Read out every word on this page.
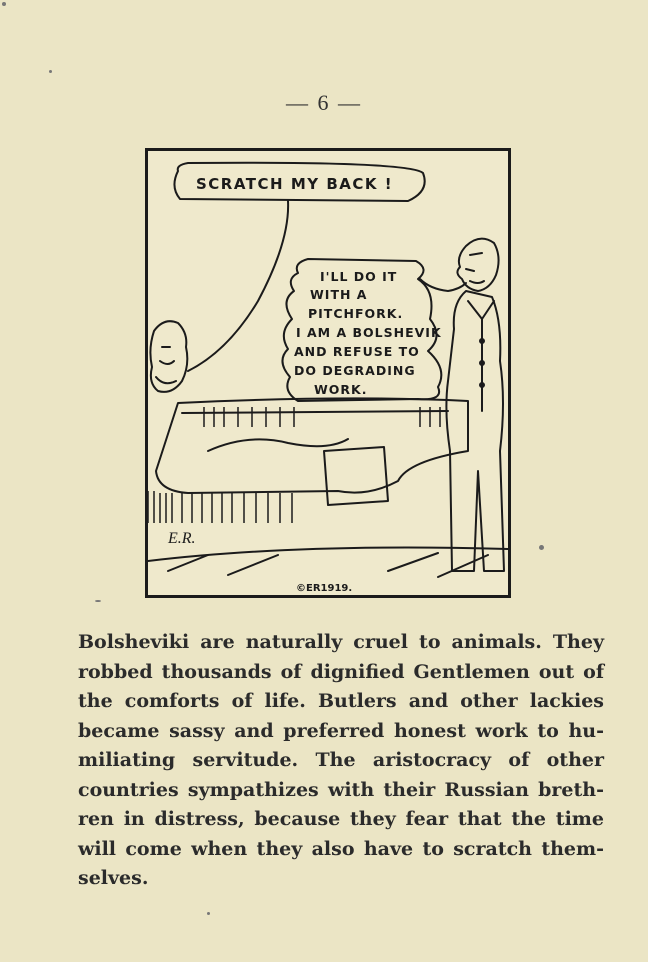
— 6 —
SCRATCH MY BACK !
I'LL DO IT
WITH A
PITCHFORK.
I AM A BOLSHEVIK
AND REFUSE TO
DO DEGRADING
WORK.
E.R.
©ER1919.
Bolsheviki are naturally cruel to animals. They
robbed thousands of dignified Gentlemen out of
the comforts of life. Butlers and other lackies
became sassy and preferred honest work to hu-
miliating servitude. The aristocracy of other
countries sympathizes with their Russian breth-
ren in distress, because they fear that the time
will come when they also have to scratch them-
selves.
